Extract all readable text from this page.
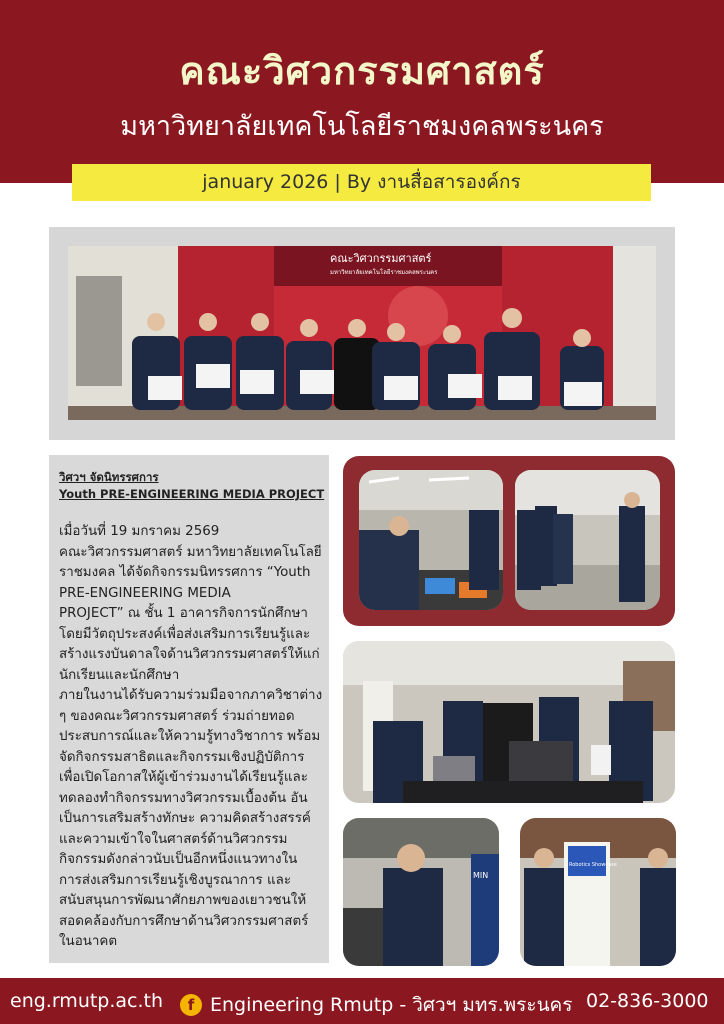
คณะวิศวกรรมศาสตร์
มหาวิทยาลัยเทคโนโลยีราชมงคลพระนคร
january 2026 | By งานสื่อสารองค์กร
คณะวิศวกรรมศาสตร์
มหาวิทยาลัยเทคโนโลยีราชมงคลพระนคร
วิศวฯ จัดนิทรรศการ
Youth PRE-ENGINEERING MEDIA PROJECT
เมื่อวันที่ 19 มกราคม 2569
คณะวิศวกรรมศาสตร์ มหาวิทยาลัยเทคโนโลยี
ราชมงคล ได้จัดกิจกรรมนิทรรศการ “Youth
PRE-ENGINEERING MEDIA
PROJECT” ณ ชั้น 1 อาคารกิจการนักศึกษา
โดยมีวัตถุประสงค์เพื่อส่งเสริมการเรียนรู้และ
สร้างแรงบันดาลใจด้านวิศวกรรมศาสตร์ให้แก่
นักเรียนและนักศึกษา
ภายในงานได้รับความร่วมมือจากภาควิชาต่าง
ๆ ของคณะวิศวกรรมศาสตร์ ร่วมถ่ายทอด
ประสบการณ์และให้ความรู้ทางวิชาการ พร้อม
จัดกิจกรรมสาธิตและกิจกรรมเชิงปฏิบัติการ
เพื่อเปิดโอกาสให้ผู้เข้าร่วมงานได้เรียนรู้และ
ทดลองทำกิจกรรมทางวิศวกรรมเบื้องต้น อัน
เป็นการเสริมสร้างทักษะ ความคิดสร้างสรรค์
และความเข้าใจในศาสตร์ด้านวิศวกรรม
กิจกรรมดังกล่าวนับเป็นอีกหนึ่งแนวทางใน
การส่งเสริมการเรียนรู้เชิงบูรณาการ และ
สนับสนุนการพัฒนาศักยภาพของเยาวชนให้
สอดคล้องกับการศึกษาด้านวิศวกรรมศาสตร์
ในอนาคต
MIN
Robotics Showcase
eng.rmutp.ac.th	f Engineering Rmutp - วิศวฯ มทร.พระนคร 02-836-3000
